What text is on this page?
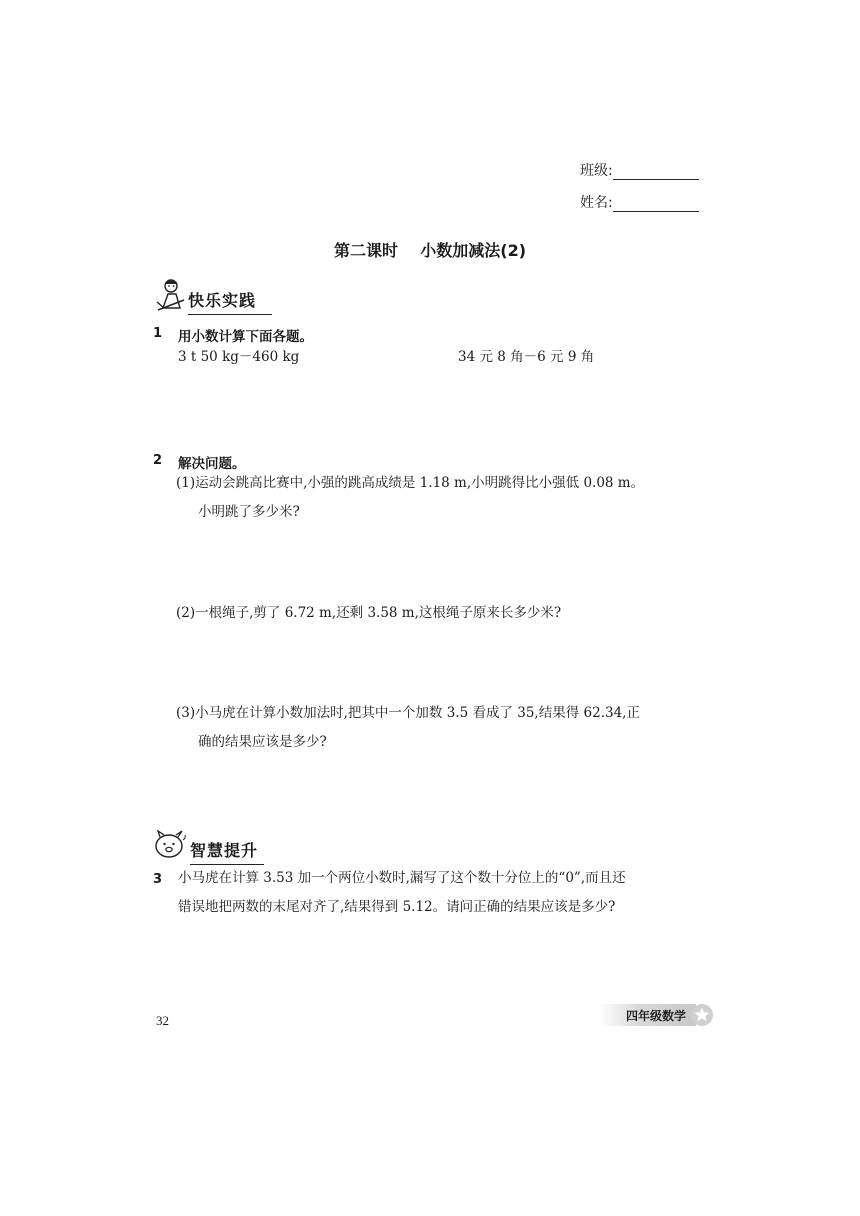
班级:
姓名:
第二课时    小数加减法(2)
快乐实践
1 用小数计算下面各题。
3 t 50 kg－460 kg	34 元 8 角－6 元 9 角
2 解决问题。
(1)运动会跳高比赛中,小强的跳高成绩是 1.18 m,小明跳得比小强低 0.08 m。
小明跳了多少米?
(2)一根绳子,剪了 6.72 m,还剩 3.58 m,这根绳子原来长多少米?
(3)小马虎在计算小数加法时,把其中一个加数 3.5 看成了 35,结果得 62.34,正
确的结果应该是多少?
智慧提升
3 小马虎在计算 3.53 加一个两位小数时,漏写了这个数十分位上的“0”,而且还
错误地把两数的末尾对齐了,结果得到 5.12。请问正确的结果应该是多少?
32	四年级数学
